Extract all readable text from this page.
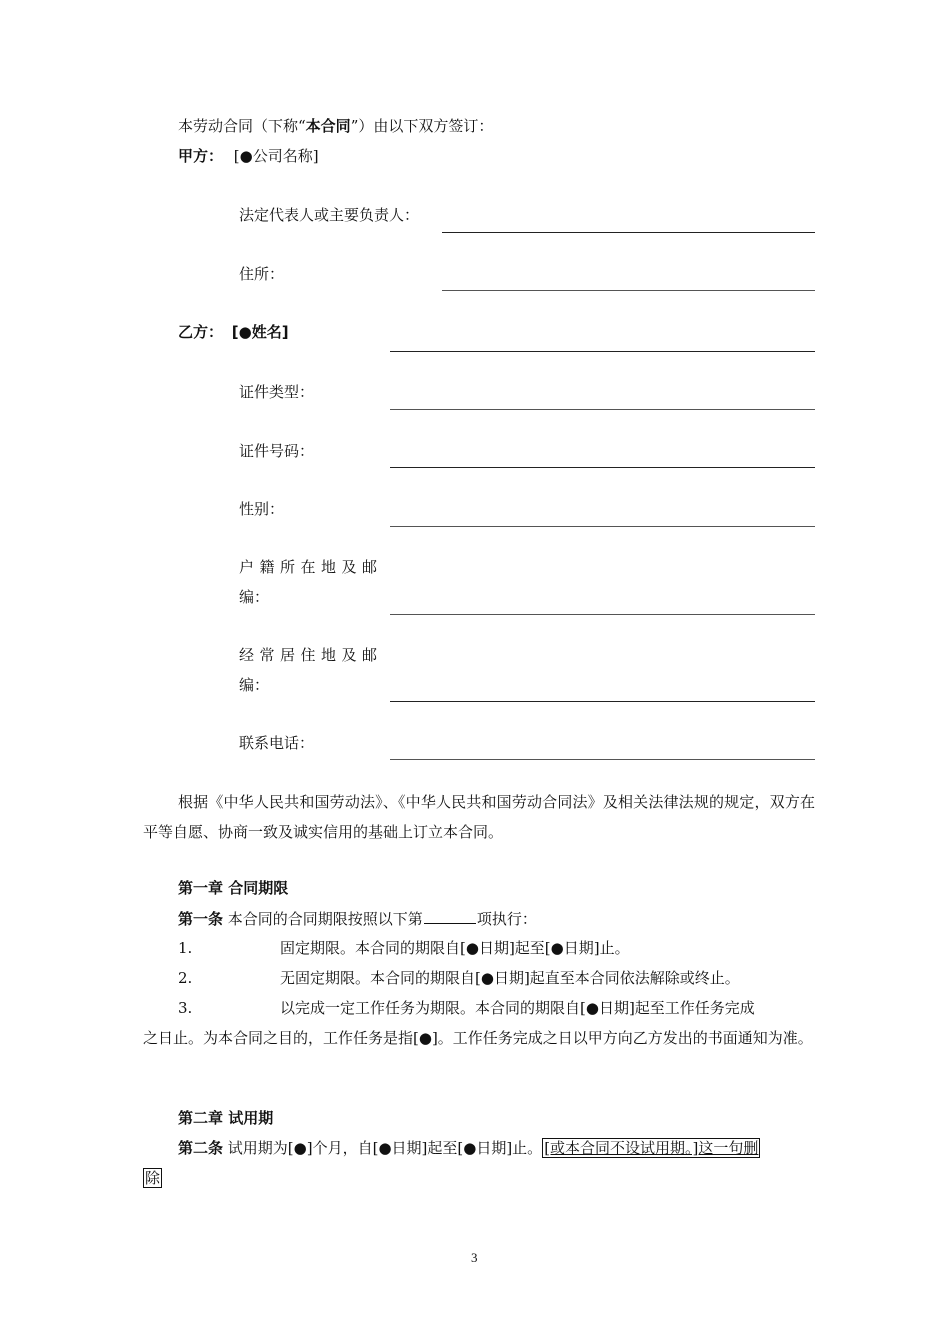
本劳动合同（下称“本合同”）由以下双方签订：
甲方： [●公司名称]
法定代表人或主要负责人：
住所：
乙方： [●姓名]
证件类型：
证件号码：
性别：
户籍所在地及邮
编：
经常居住地及邮
编：
联系电话：
根据《中华人民共和国劳动法》、《中华人民共和国劳动合同法》及相关法律法规的规定，双方在平等自愿、协商一致及诚实信用的基础上订立本合同。
第一章 合同期限
第一条 本合同的合同期限按照以下第	项执行：
1.	固定期限。本合同的期限自[●日期]起至[●日期]止。
2.	无固定期限。本合同的期限自[●日期]起直至本合同依法解除或终止。
3.	以完成一定工作任务为期限。本合同的期限自[●日期]起至工作任务完成
之日止。为本合同之目的，工作任务是指[●]。工作任务完成之日以甲方向乙方发出的书面通知为准。
第二章 试用期
第二条 试用期为[●]个月，自[●日期]起至[●日期]止。 [或本合同不设试用期。]这一句删
除
3
